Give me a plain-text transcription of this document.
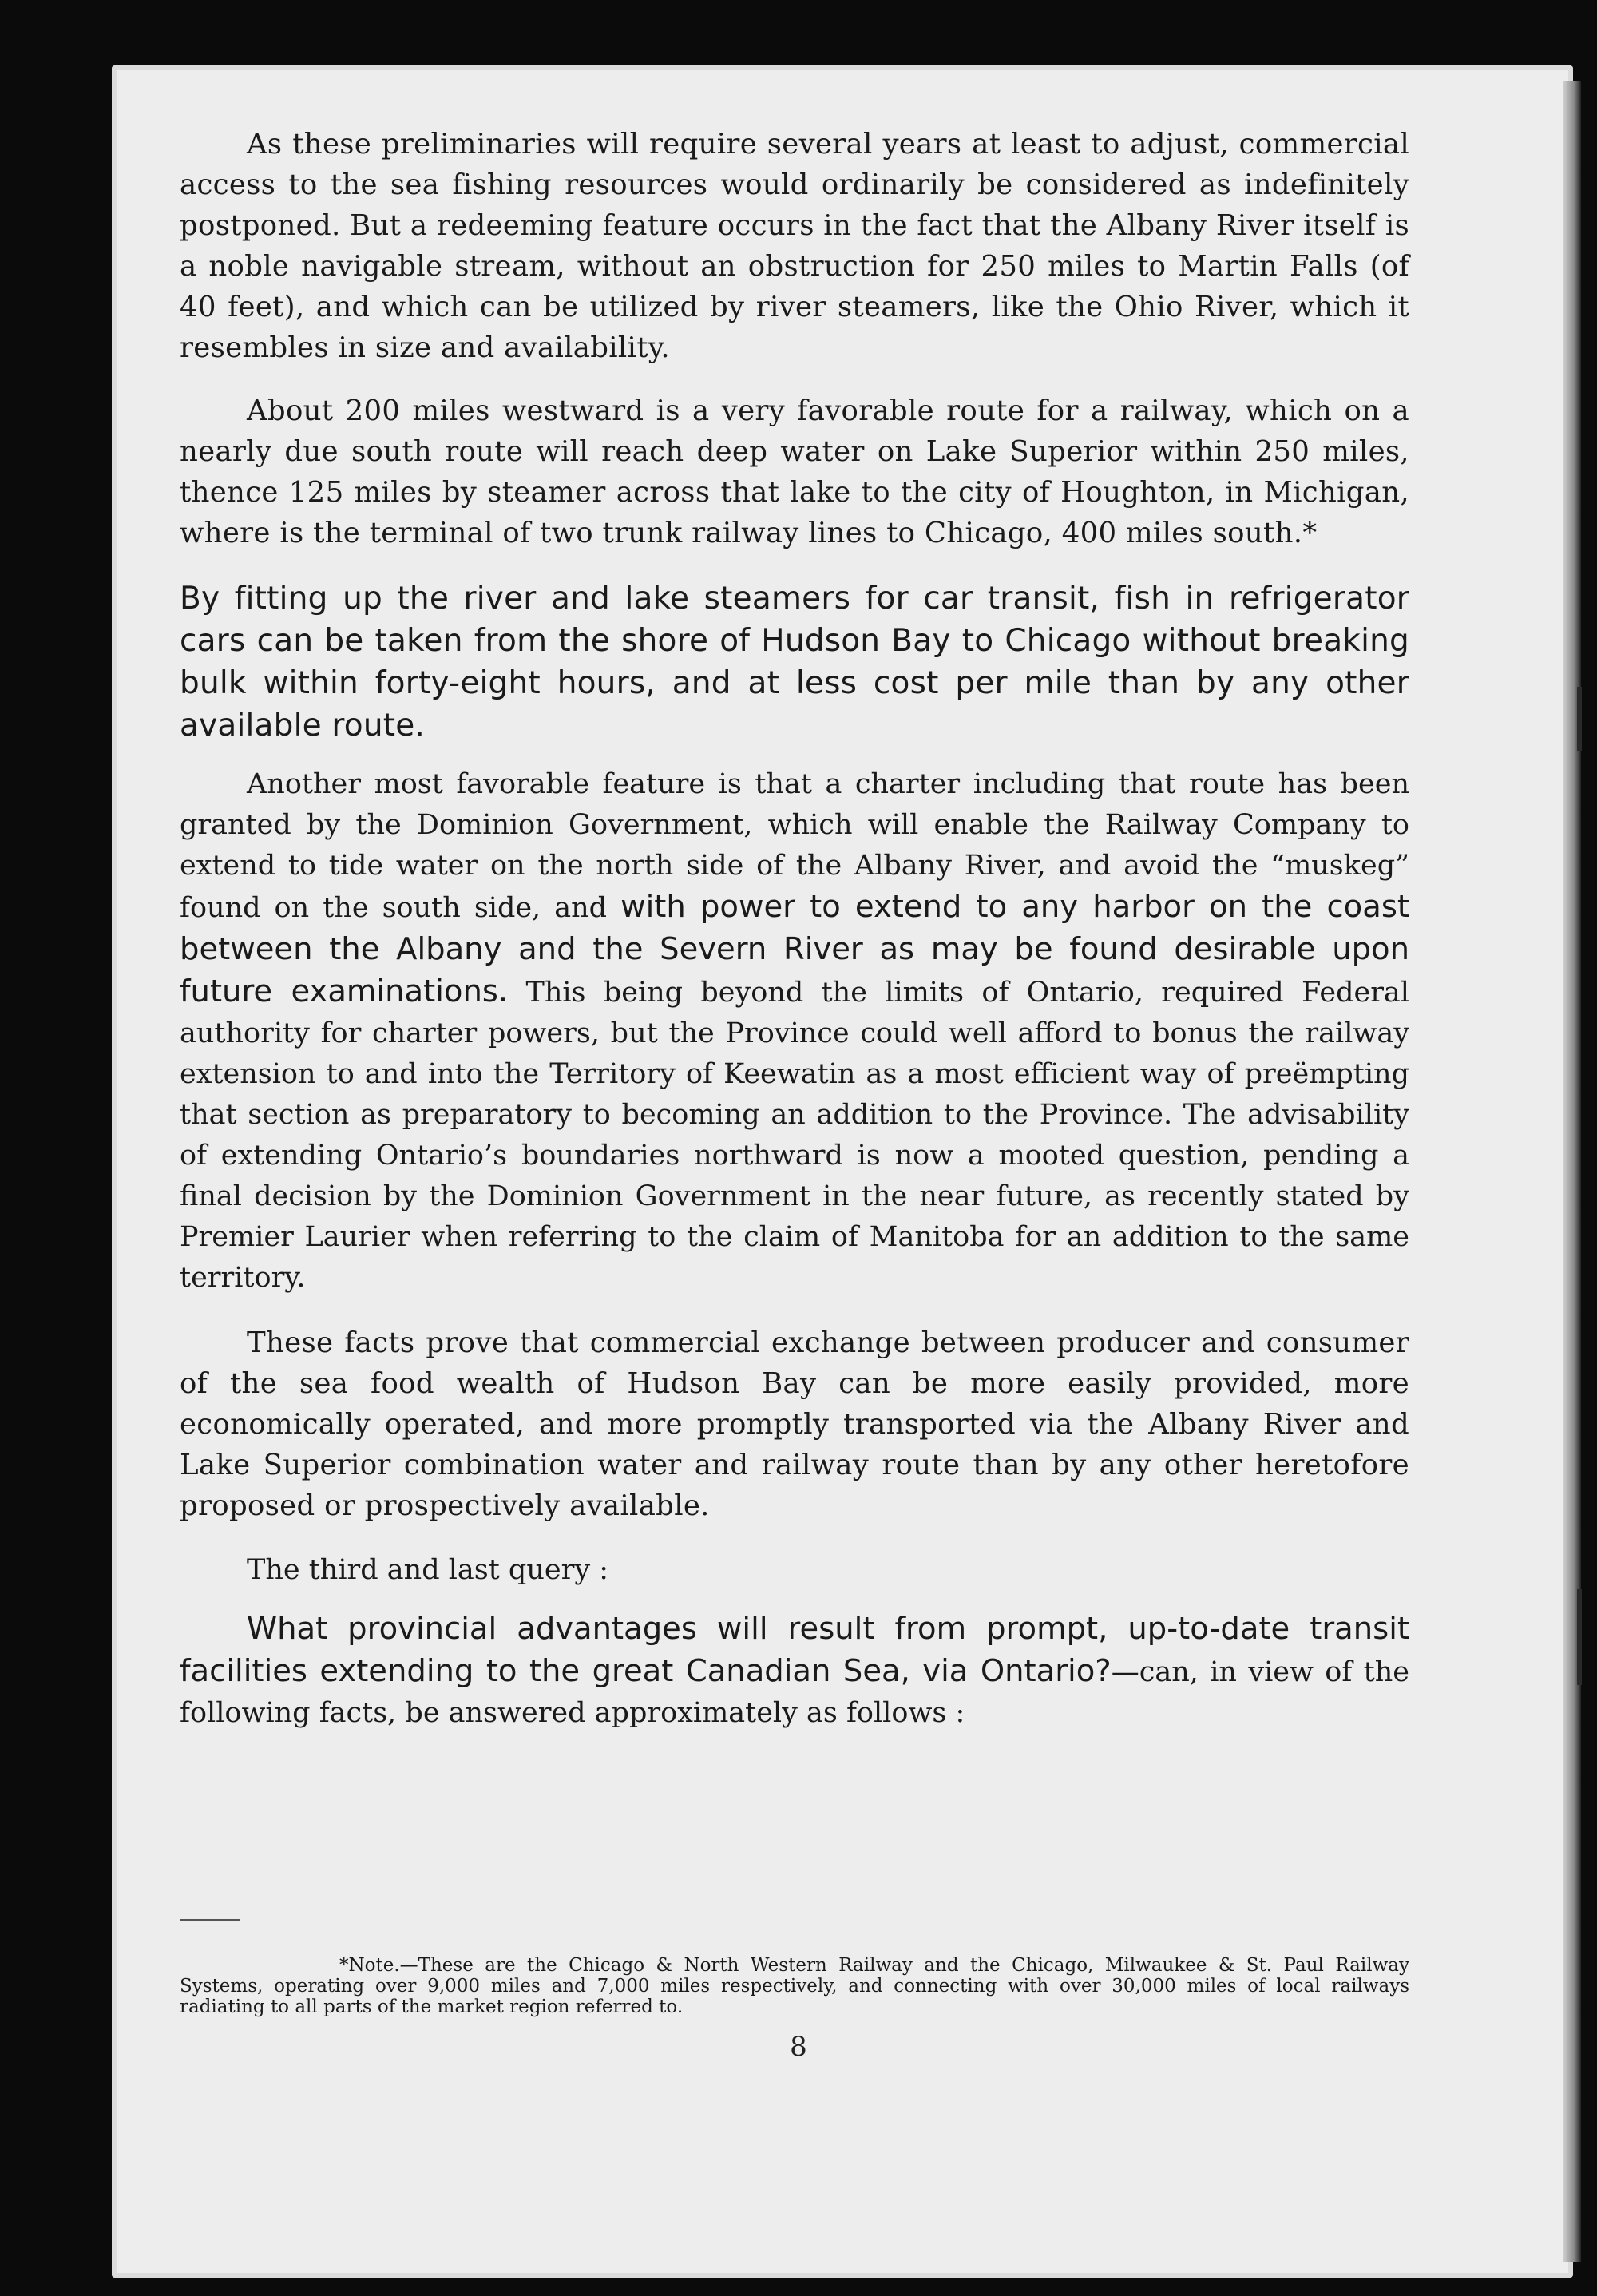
As these preliminaries will require several years at least to adjust, commercial access to the sea fishing resources would ordinarily be considered as indefinitely postponed. But a redeeming feature occurs in the fact that the Albany River itself is a noble navigable stream, without an obstruction for 250 miles to Martin Falls (of 40 feet), and which can be utilized by river steamers, like the Ohio River, which it resembles in size and availability.

About 200 miles westward is a very favorable route for a railway, which on a nearly due south route will reach deep water on Lake Superior within 250 miles, thence 125 miles by steamer across that lake to the city of Houghton, in Michigan, where is the terminal of two trunk railway lines to Chicago, 400 miles south.*

By fitting up the river and lake steamers for car transit, fish in refrigerator cars can be taken from the shore of Hudson Bay to Chicago without breaking bulk within forty-eight hours, and at less cost per mile than by any other available route.

Another most favorable feature is that a charter including that route has been granted by the Dominion Government, which will enable the Railway Company to extend to tide water on the north side of the Albany River, and avoid the “muskeg” found on the south side, and with power to extend to any harbor on the coast between the Albany and the Severn River as may be found desirable upon future examinations. This being beyond the limits of Ontario, required Federal authority for charter powers, but the Province could well afford to bonus the railway extension to and into the Territory of Keewatin as a most efficient way of preëmpting that section as preparatory to becoming an addition to the Province. The advisability of extending Ontario’s boundaries northward is now a mooted question, pending a final decision by the Dominion Government in the near future, as recently stated by Premier Laurier when referring to the claim of Manitoba for an addition to the same territory.

These facts prove that commercial exchange between producer and consumer of the sea food wealth of Hudson Bay can be more easily provided, more economically operated, and more promptly transported via the Albany River and Lake Superior combination water and railway route than by any other heretofore proposed or prospectively available.

The third and last query :

What provincial advantages will result from prompt, up-to-date transit facilities extending to the great Canadian Sea, via Ontario?—can, in view of the following facts, be answered approximately as follows :

*Note.—These are the Chicago & North Western Railway and the Chicago, Milwaukee & St. Paul Railway Systems, operating over 9,000 miles and 7,000 miles respectively, and connecting with over 30,000 miles of local railways radiating to all parts of the market region referred to.

8
